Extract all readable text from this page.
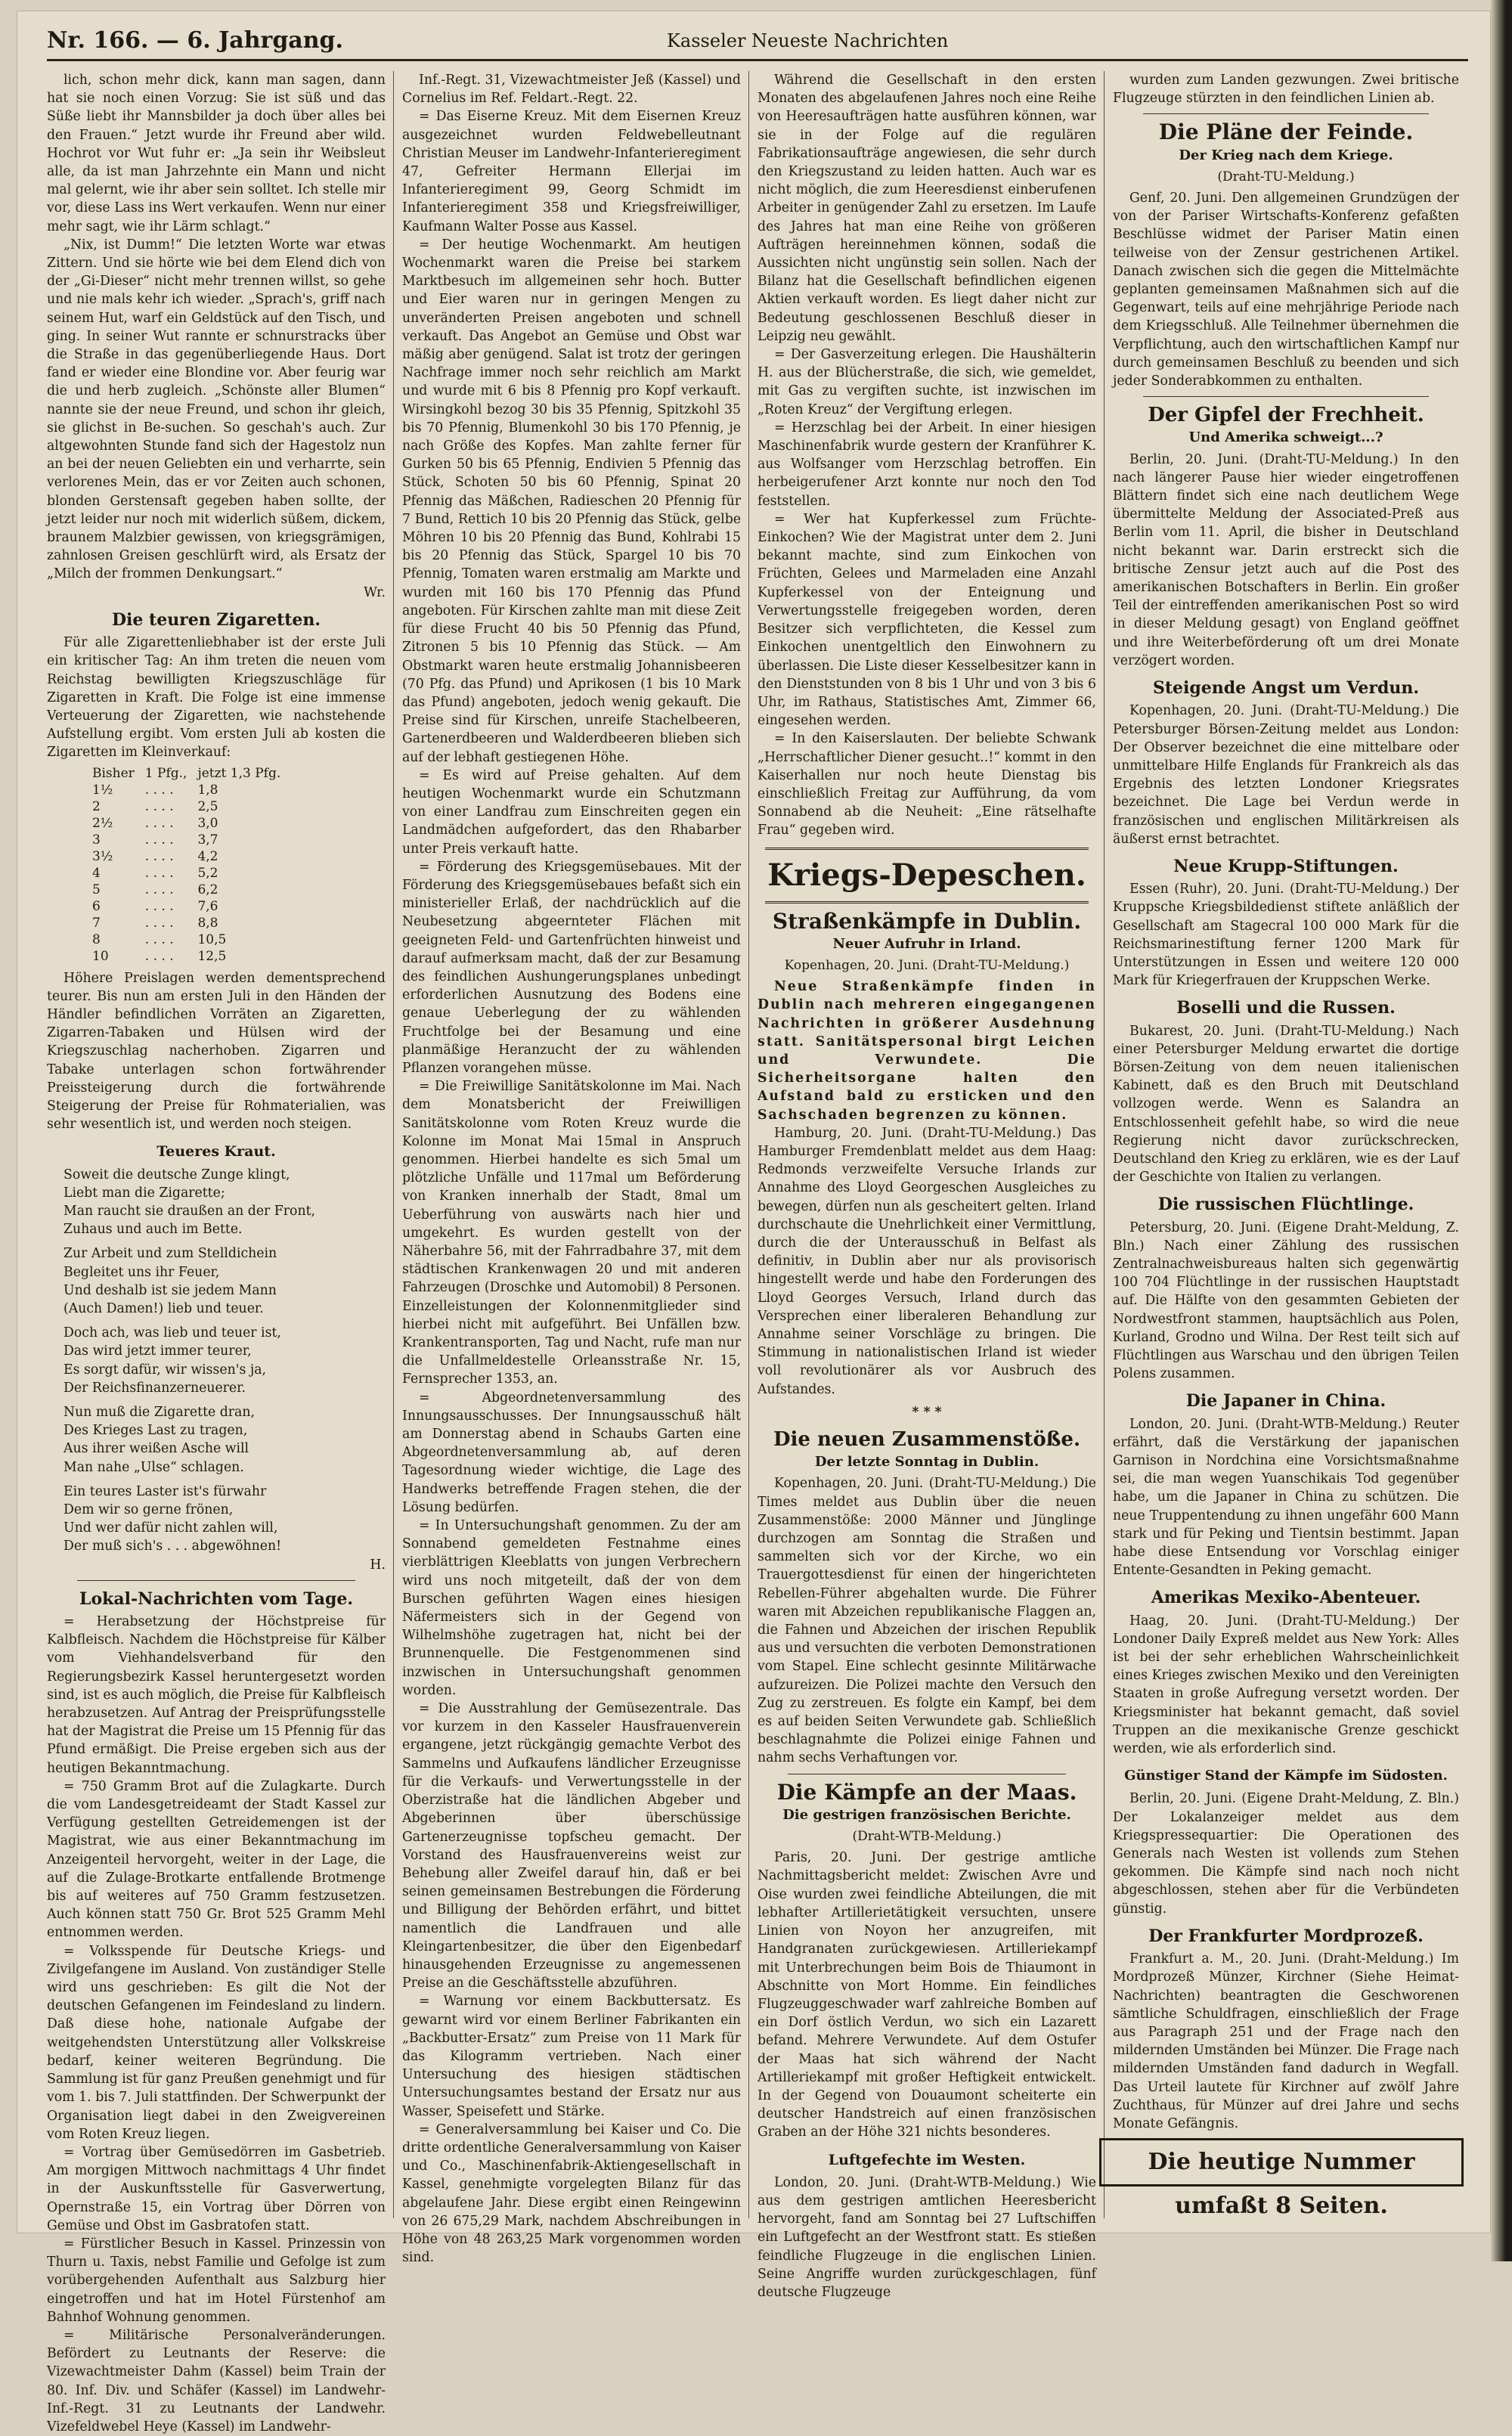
Nr. 166. — 6. Jahrgang.	Kasseler Neueste Nachrichten

lich, schon mehr dick, kann man sagen, dann hat sie noch einen Vorzug: Sie ist süß und das Süße liebt ihr Mannsbilder ja doch über alles bei den Frauen.“ Jetzt wurde ihr Freund aber wild. Hochrot vor Wut fuhr er: „Ja sein ihr Weibsleut alle, da ist man Jahrzehnte ein Mann und nicht mal gelernt, wie ihr aber sein solltet. Ich stelle mir vor, diese Lass ins Wert verkaufen. Wenn nur einer mehr sagt, wie ihr Lärm schlagt.“

„Nix, ist Dumm!“ Die letzten Worte war etwas Zittern. Und sie hörte wie bei dem Elend dich von der „Gi-Dieser“ nicht mehr trennen willst, so gehe und nie mals kehr ich wieder. „Sprach's, griff nach seinem Hut, warf ein Geldstück auf den Tisch, und ging. In seiner Wut rannte er schnurstracks über die Straße in das gegenüberliegende Haus. Dort fand er wieder eine Blondine vor. Aber feurig war die und herb zugleich. „Schönste aller Blumen“ nannte sie der neue Freund, und schon ihr gleich, sie glichst in Be-suchen. So geschah's auch. Zur altgewohnten Stunde fand sich der Hagestolz nun an bei der neuen Geliebten ein und verharrte, sein verlorenes Mein, das er vor Zeiten auch schonen, blonden Gerstensaft gegeben haben sollte, der jetzt leider nur noch mit widerlich süßem, dickem, braunem Malzbier gewissen, von kriegsgrämigen, zahnlosen Greisen geschlürft wird, als Ersatz der „Milch der frommen Denkungsart.“

Wr.

Die teuren Zigaretten.

Für alle Zigarettenliebhaber ist der erste Juli ein kritischer Tag: An ihm treten die neuen vom Reichstag bewilligten Kriegszuschläge für Zigaretten in Kraft. Die Folge ist eine immense Verteuerung der Zigaretten, wie nachstehende Aufstellung ergibt. Vom ersten Juli ab kosten die Zigaretten im Kleinverkauf:

Bisher	1 Pfg.,	jetzt 1,3 Pfg.
1½	. . . .	1,8
2	. . . .	2,5
2½	. . . .	3,0
3	. . . .	3,7
3½	. . . .	4,2
4	. . . .	5,2
5	. . . .	6,2
6	. . . .	7,6
7	. . . .	8,8
8	. . . .	10,5
10	. . . .	12,5

Höhere Preislagen werden dementsprechend teurer. Bis nun am ersten Juli in den Händen der Händler befindlichen Vorräten an Zigaretten, Zigarren-Tabaken und Hülsen wird der Kriegszuschlag nacherhoben. Zigarren und Tabake unterlagen schon fortwährender Preissteigerung durch die fortwährende Steigerung der Preise für Rohmaterialien, was sehr wesentlich ist, und werden noch steigen.

Teueres Kraut.
Soweit die deutsche Zunge klingt,
Liebt man die Zigarette;
Man raucht sie draußen an der Front,
Zuhaus und auch im Bette.
Zur Arbeit und zum Stelldichein
Begleitet uns ihr Feuer,
Und deshalb ist sie jedem Mann
(Auch Damen!) lieb und teuer.
Doch ach, was lieb und teuer ist,
Das wird jetzt immer teurer,
Es sorgt dafür, wir wissen's ja,
Der Reichsfinanzerneuerer.
Nun muß die Zigarette dran,
Des Krieges Last zu tragen,
Aus ihrer weißen Asche will
Man nahe „Ulse“ schlagen.
Ein teures Laster ist's fürwahr
Dem wir so gerne frönen,
Und wer dafür nicht zahlen will,
Der muß sich's . . . abgewöhnen!

H.

Lokal-Nachrichten vom Tage.

= Herabsetzung der Höchstpreise für Kalbfleisch. Nachdem die Höchstpreise für Kälber vom Viehhandelsverband für den Regierungsbezirk Kassel heruntergesetzt worden sind, ist es auch möglich, die Preise für Kalbfleisch herabzusetzen. Auf Antrag der Preisprüfungsstelle hat der Magistrat die Preise um 15 Pfennig für das Pfund ermäßigt. Die Preise ergeben sich aus der heutigen Bekanntmachung.

= 750 Gramm Brot auf die Zulagkarte. Durch die vom Landesgetreideamt der Stadt Kassel zur Verfügung gestellten Getreidemengen ist der Magistrat, wie aus einer Bekanntmachung im Anzeigenteil hervorgeht, weiter in der Lage, die auf die Zulage-Brotkarte entfallende Brotmenge bis auf weiteres auf 750 Gramm festzusetzen. Auch können statt 750 Gr. Brot 525 Gramm Mehl entnommen werden.

= Volksspende für Deutsche Kriegs- und Zivilgefangene im Ausland. Von zuständiger Stelle wird uns geschrieben: Es gilt die Not der deutschen Gefangenen im Feindesland zu lindern. Daß diese hohe, nationale Aufgabe der weitgehendsten Unterstützung aller Volkskreise bedarf, keiner weiteren Begründung. Die Sammlung ist für ganz Preußen genehmigt und für vom 1. bis 7. Juli stattfinden. Der Schwerpunkt der Organisation liegt dabei in den Zweigvereinen vom Roten Kreuz liegen.

= Vortrag über Gemüsedörren im Gasbetrieb. Am morgigen Mittwoch nachmittags 4 Uhr findet in der Auskunftsstelle für Gasverwertung, Opernstraße 15, ein Vortrag über Dörren von Gemüse und Obst im Gasbratofen statt.

= Fürstlicher Besuch in Kassel. Prinzessin von Thurn u. Taxis, nebst Familie und Gefolge ist zum vorübergehenden Aufenthalt aus Salzburg hier eingetroffen und hat im Hotel Fürstenhof am Bahnhof Wohnung genommen.

= Militärische Personalveränderungen. Befördert zu Leutnants der Reserve: die Vizewachtmeister Dahm (Kassel) beim Train der 80. Inf. Div. und Schäfer (Kassel) im Landwehr-Inf.-Regt. 31 zu Leutnants der Landwehr. Vizefeldwebel Heye (Kassel) im Landwehr-

Inf.-Regt. 31, Vizewachtmeister Jeß (Kassel) und Cornelius im Ref. Feldart.-Regt. 22.

= Das Eiserne Kreuz. Mit dem Eisernen Kreuz ausgezeichnet wurden Feldwebelleutnant Christian Meuser im Landwehr-Infanterieregiment 47, Gefreiter Hermann Ellerjai im Infanterieregiment 99, Georg Schmidt im Infanterieregiment 358 und Kriegsfreiwilliger, Kaufmann Walter Posse aus Kassel.

= Der heutige Wochenmarkt. Am heutigen Wochenmarkt waren die Preise bei starkem Marktbesuch im allgemeinen sehr hoch. Butter und Eier waren nur in geringen Mengen zu unveränderten Preisen angeboten und schnell verkauft. Das Angebot an Gemüse und Obst war mäßig aber genügend. Salat ist trotz der geringen Nachfrage immer noch sehr reichlich am Markt und wurde mit 6 bis 8 Pfennig pro Kopf verkauft. Wirsingkohl bezog 30 bis 35 Pfennig, Spitzkohl 35 bis 70 Pfennig, Blumenkohl 30 bis 170 Pfennig, je nach Größe des Kopfes. Man zahlte ferner für Gurken 50 bis 65 Pfennig, Endivien 5 Pfennig das Stück, Schoten 50 bis 60 Pfennig, Spinat 20 Pfennig das Mäßchen, Radieschen 20 Pfennig für 7 Bund, Rettich 10 bis 20 Pfennig das Stück, gelbe Möhren 10 bis 20 Pfennig das Bund, Kohlrabi 15 bis 20 Pfennig das Stück, Spargel 10 bis 70 Pfennig, Tomaten waren erstmalig am Markte und wurden mit 160 bis 170 Pfennig das Pfund angeboten. Für Kirschen zahlte man mit diese Zeit für diese Frucht 40 bis 50 Pfennig das Pfund, Zitronen 5 bis 10 Pfennig das Stück. — Am Obstmarkt waren heute erstmalig Johannisbeeren (70 Pfg. das Pfund) und Aprikosen (1 bis 10 Mark das Pfund) angeboten, jedoch wenig gekauft. Die Preise sind für Kirschen, unreife Stachelbeeren, Gartenerdbeeren und Walderdbeeren blieben sich auf der lebhaft gestiegenen Höhe.

= Es wird auf Preise gehalten. Auf dem heutigen Wochenmarkt wurde ein Schutzmann von einer Landfrau zum Einschreiten gegen ein Landmädchen aufgefordert, das den Rhabarber unter Preis verkauft hatte.

= Förderung des Kriegsgemüsebaues. Mit der Förderung des Kriegsgemüsebaues befaßt sich ein ministerieller Erlaß, der nachdrücklich auf die Neubesetzung abgeernteter Flächen mit geeigneten Feld- und Gartenfrüchten hinweist und darauf aufmerksam macht, daß der zur Besamung des feindlichen Aushungerungsplanes unbedingt erforderlichen Ausnutzung des Bodens eine genaue Ueberlegung der zu wählenden Fruchtfolge bei der Besamung und eine planmäßige Heranzucht der zu wählenden Pflanzen vorangehen müsse.

= Die Freiwillige Sanitätskolonne im Mai. Nach dem Monatsbericht der Freiwilligen Sanitätskolonne vom Roten Kreuz wurde die Kolonne im Monat Mai 15mal in Anspruch genommen. Hierbei handelte es sich 5mal um plötzliche Unfälle und 117mal um Beförderung von Kranken innerhalb der Stadt, 8mal um Ueberführung von auswärts nach hier und umgekehrt. Es wurden gestellt von der Näherbahre 56, mit der Fahrradbahre 37, mit dem städtischen Krankenwagen 20 und mit anderen Fahrzeugen (Droschke und Automobil) 8 Personen. Einzelleistungen der Kolonnenmitglieder sind hierbei nicht mit aufgeführt. Bei Unfällen bzw. Krankentransporten, Tag und Nacht, rufe man nur die Unfallmeldestelle Orleansstraße Nr. 15, Fernsprecher 1353, an.

= Abgeordnetenversammlung des Innungsausschusses. Der Innungsausschuß hält am Donnerstag abend in Schaubs Garten eine Abgeordnetenversammlung ab, auf deren Tagesordnung wieder wichtige, die Lage des Handwerks betreffende Fragen stehen, die der Lösung bedürfen.

= In Untersuchungshaft genommen. Zu der am Sonnabend gemeldeten Festnahme eines vierblättrigen Kleeblatts von jungen Verbrechern wird uns noch mitgeteilt, daß der von dem Burschen geführten Wagen eines hiesigen Näfermeisters sich in der Gegend von Wilhelmshöhe zugetragen hat, nicht bei der Brunnenquelle. Die Festgenommenen sind inzwischen in Untersuchungshaft genommen worden.

= Die Ausstrahlung der Gemüsezentrale. Das vor kurzem in den Kasseler Hausfrauenverein ergangene, jetzt rückgängig gemachte Verbot des Sammelns und Aufkaufens ländlicher Erzeugnisse für die Verkaufs- und Verwertungsstelle in der Oberzistraße hat die ländlichen Abgeber und Abgeberinnen über überschüssige Gartenerzeugnisse topfscheu gemacht. Der Vorstand des Hausfrauenvereins weist zur Behebung aller Zweifel darauf hin, daß er bei seinen gemeinsamen Bestrebungen die Förderung und Billigung der Behörden erfährt, und bittet namentlich die Landfrauen und alle Kleingartenbesitzer, die über den Eigenbedarf hinausgehenden Erzeugnisse zu angemessenen Preise an die Geschäftsstelle abzuführen.

= Warnung vor einem Backbuttersatz. Es gewarnt wird vor einem Berliner Fabrikanten ein „Backbutter-Ersatz“ zum Preise von 11 Mark für das Kilogramm vertrieben. Nach einer Untersuchung des hiesigen städtischen Untersuchungsamtes bestand der Ersatz nur aus Wasser, Speisefett und Stärke.

= Generalversammlung bei Kaiser und Co. Die dritte ordentliche Generalversammlung von Kaiser und Co., Maschinenfabrik-Aktiengesellschaft in Kassel, genehmigte vorgelegten Bilanz für das abgelaufene Jahr. Diese ergibt einen Reingewinn von 26 675,29 Mark, nachdem Abschreibungen in Höhe von 48 263,25 Mark vorgenommen worden sind.

Während die Gesellschaft in den ersten Monaten des abgelaufenen Jahres noch eine Reihe von Heeresaufträgen hatte ausführen können, war sie in der Folge auf die regulären Fabrikationsaufträge angewiesen, die sehr durch den Kriegszustand zu leiden hatten. Auch war es nicht möglich, die zum Heeresdienst einberufenen Arbeiter in genügender Zahl zu ersetzen. Im Laufe des Jahres hat man eine Reihe von größeren Aufträgen hereinnehmen können, sodaß die Aussichten nicht ungünstig sein sollen. Nach der Bilanz hat die Gesellschaft befindlichen eigenen Aktien verkauft worden. Es liegt daher nicht zur Bedeutung geschlossenen Beschluß dieser in Leipzig neu gewählt.

= Der Gasverzeitung erlegen. Die Haushälterin H. aus der Blücherstraße, die sich, wie gemeldet, mit Gas zu vergiften suchte, ist inzwischen im „Roten Kreuz“ der Vergiftung erlegen.

= Herzschlag bei der Arbeit. In einer hiesigen Maschinenfabrik wurde gestern der Kranführer K. aus Wolfsanger vom Herzschlag betroffen. Ein herbeigerufener Arzt konnte nur noch den Tod feststellen.

= Wer hat Kupferkessel zum Früchte-Einkochen? Wie der Magistrat unter dem 2. Juni bekannt machte, sind zum Einkochen von Früchten, Gelees und Marmeladen eine Anzahl Kupferkessel von der Enteignung und Verwertungsstelle freigegeben worden, deren Besitzer sich verpflichteten, die Kessel zum Einkochen unentgeltlich den Einwohnern zu überlassen. Die Liste dieser Kesselbesitzer kann in den Dienststunden von 8 bis 1 Uhr und von 3 bis 6 Uhr, im Rathaus, Statistisches Amt, Zimmer 66, eingesehen werden.

= In den Kaiserslauten. Der beliebte Schwank „Herrschaftlicher Diener gesucht..!“ kommt in den Kaiserhallen nur noch heute Dienstag bis einschließlich Freitag zur Aufführung, da vom Sonnabend ab die Neuheit: „Eine rätselhafte Frau“ gegeben wird.

Kriegs-Depeschen.
Straßenkämpfe in Dublin.
Neuer Aufruhr in Irland.
Kopenhagen, 20. Juni. (Draht-TU-Meldung.)

Neue Straßenkämpfe finden in Dublin nach mehreren eingegangenen Nachrichten in größerer Ausdehnung statt. Sanitätspersonal birgt Leichen und Verwundete. Die Sicherheitsorgane halten den Aufstand bald zu ersticken und den Sachschaden begrenzen zu können.

Hamburg, 20. Juni. (Draht-TU-Meldung.) Das Hamburger Fremdenblatt meldet aus dem Haag: Redmonds verzweifelte Versuche Irlands zur Annahme des Lloyd Georgeschen Ausgleiches zu bewegen, dürfen nun als gescheitert gelten. Irland durchschaute die Unehrlichkeit einer Vermittlung, durch die der Unterausschuß in Belfast als definitiv, in Dublin aber nur als provisorisch hingestellt werde und habe den Forderungen des Lloyd Georges Versuch, Irland durch das Versprechen einer liberaleren Behandlung zur Annahme seiner Vorschläge zu bringen. Die Stimmung in nationalistischen Irland ist wieder voll revolutionärer als vor Ausbruch des Aufstandes.

* * *
Die neuen Zusammenstöße.
Der letzte Sonntag in Dublin.

Kopenhagen, 20. Juni. (Draht-TU-Meldung.) Die Times meldet aus Dublin über die neuen Zusammenstöße: 2000 Männer und Jünglinge durchzogen am Sonntag die Straßen und sammelten sich vor der Kirche, wo ein Trauergottesdienst für einen der hingerichteten Rebellen-Führer abgehalten wurde. Die Führer waren mit Abzeichen republikanische Flaggen an, die Fahnen und Abzeichen der irischen Republik aus und versuchten die verboten Demonstrationen vom Stapel. Eine schlecht gesinnte Militärwache aufzureizen. Die Polizei machte den Versuch den Zug zu zerstreuen. Es folgte ein Kampf, bei dem es auf beiden Seiten Verwundete gab. Schließlich beschlagnahmte die Polizei einige Fahnen und nahm sechs Verhaftungen vor.

Die Kämpfe an der Maas.
Die gestrigen französischen Berichte.
(Draht-WTB-Meldung.)

Paris, 20. Juni. Der gestrige amtliche Nachmittagsbericht meldet: Zwischen Avre und Oise wurden zwei feindliche Abteilungen, die mit lebhafter Artillerietätigkeit versuchten, unsere Linien von Noyon her anzugreifen, mit Handgranaten zurückgewiesen. Artilleriekampf mit Unterbrechungen beim Bois de Thiaumont in Abschnitte von Mort Homme. Ein feindliches Flugzeuggeschwader warf zahlreiche Bomben auf ein Dorf östlich Verdun, wo sich ein Lazarett befand. Mehrere Verwundete. Auf dem Ostufer der Maas hat sich während der Nacht Artilleriekampf mit großer Heftigkeit entwickelt. In der Gegend von Douaumont scheiterte ein deutscher Handstreich auf einen französischen Graben an der Höhe 321 nichts besonderes.

Luftgefechte im Westen.

London, 20. Juni. (Draht-WTB-Meldung.) Wie aus dem gestrigen amtlichen Heeresbericht hervorgeht, fand am Sonntag bei 27 Luftschiffen ein Luftgefecht an der Westfront statt. Es stießen feindliche Flugzeuge in die englischen Linien. Seine Angriffe wurden zurückgeschlagen, fünf deutsche Flugzeuge

wurden zum Landen gezwungen. Zwei britische Flugzeuge stürzten in den feindlichen Linien ab.

Die Pläne der Feinde.
Der Krieg nach dem Kriege.
(Draht-TU-Meldung.)

Genf, 20. Juni. Den allgemeinen Grundzügen der von der Pariser Wirtschafts-Konferenz gefaßten Beschlüsse widmet der Pariser Matin einen teilweise von der Zensur gestrichenen Artikel. Danach zwischen sich die gegen die Mittelmächte geplanten gemeinsamen Maßnahmen sich auf die Gegenwart, teils auf eine mehrjährige Periode nach dem Kriegsschluß. Alle Teilnehmer übernehmen die Verpflichtung, auch den wirtschaftlichen Kampf nur durch gemeinsamen Beschluß zu beenden und sich jeder Sonderabkommen zu enthalten.

Der Gipfel der Frechheit.
Und Amerika schweigt...?

Berlin, 20. Juni. (Draht-TU-Meldung.) In den nach längerer Pause hier wieder eingetroffenen Blättern findet sich eine nach deutlichem Wege übermittelte Meldung der Associated-Preß aus Berlin vom 11. April, die bisher in Deutschland nicht bekannt war. Darin erstreckt sich die britische Zensur jetzt auch auf die Post des amerikanischen Botschafters in Berlin. Ein großer Teil der eintreffenden amerikanischen Post so wird in dieser Meldung gesagt) von England geöffnet und ihre Weiterbeförderung oft um drei Monate verzögert worden.

Steigende Angst um Verdun.

Kopenhagen, 20. Juni. (Draht-TU-Meldung.) Die Petersburger Börsen-Zeitung meldet aus London: Der Observer bezeichnet die eine mittelbare oder unmittelbare Hilfe Englands für Frankreich als das Ergebnis des letzten Londoner Kriegsrates bezeichnet. Die Lage bei Verdun werde in französischen und englischen Militärkreisen als äußerst ernst betrachtet.

Neue Krupp-Stiftungen.

Essen (Ruhr), 20. Juni. (Draht-TU-Meldung.) Der Kruppsche Kriegsbildedienst stiftete anläßlich der Gesellschaft am Stagecral 100 000 Mark für die Reichsmarinestiftung ferner 1200 Mark für Unterstützungen in Essen und weitere 120 000 Mark für Kriegerfrauen der Kruppschen Werke.

Boselli und die Russen.

Bukarest, 20. Juni. (Draht-TU-Meldung.) Nach einer Petersburger Meldung erwartet die dortige Börsen-Zeitung von dem neuen italienischen Kabinett, daß es den Bruch mit Deutschland vollzogen werde. Wenn es Salandra an Entschlossenheit gefehlt habe, so wird die neue Regierung nicht davor zurückschrecken, Deutschland den Krieg zu erklären, wie es der Lauf der Geschichte von Italien zu verlangen.

Die russischen Flüchtlinge.

Petersburg, 20. Juni. (Eigene Draht-Meldung, Z. Bln.) Nach einer Zählung des russischen Zentralnachweisbureaus halten sich gegenwärtig 100 704 Flüchtlinge in der russischen Hauptstadt auf. Die Hälfte von den gesammten Gebieten der Nordwestfront stammen, hauptsächlich aus Polen, Kurland, Grodno und Wilna. Der Rest teilt sich auf Flüchtlingen aus Warschau und den übrigen Teilen Polens zusammen.

Die Japaner in China.

London, 20. Juni. (Draht-WTB-Meldung.) Reuter erfährt, daß die Verstärkung der japanischen Garnison in Nordchina eine Vorsichtsmaßnahme sei, die man wegen Yuanschikais Tod gegenüber habe, um die Japaner in China zu schützen. Die neue Truppentendung zu ihnen ungefähr 600 Mann stark und für Peking und Tientsin bestimmt. Japan habe diese Entsendung vor Vorschlag einiger Entente-Gesandten in Peking gemacht.

Amerikas Mexiko-Abenteuer.

Haag, 20. Juni. (Draht-TU-Meldung.) Der Londoner Daily Expreß meldet aus New York: Alles ist bei der sehr erheblichen Wahrscheinlichkeit eines Krieges zwischen Mexiko und den Vereinigten Staaten in große Aufregung versetzt worden. Der Kriegsminister hat bekannt gemacht, daß soviel Truppen an die mexikanische Grenze geschickt werden, wie als erforderlich sind.

Günstiger Stand der Kämpfe im Südosten.

Berlin, 20. Juni. (Eigene Draht-Meldung, Z. Bln.) Der Lokalanzeiger meldet aus dem Kriegspressequartier: Die Operationen des Generals nach Westen ist vollends zum Stehen gekommen. Die Kämpfe sind nach noch nicht abgeschlossen, stehen aber für die Verbündeten günstig.

Der Frankfurter Mordprozeß.

Frankfurt a. M., 20. Juni. (Draht-Meldung.) Im Mordprozeß Münzer, Kirchner (Siehe Heimat-Nachrichten) beantragten die Geschworenen sämtliche Schuldfragen, einschließlich der Frage aus Paragraph 251 und der Frage nach den mildernden Umständen bei Münzer. Die Frage nach mildernden Umständen fand dadurch in Wegfall. Das Urteil lautete für Kirchner auf zwölf Jahre Zuchthaus, für Münzer auf drei Jahre und sechs Monate Gefängnis.

Die heutige Nummer umfaßt 8 Seiten.
